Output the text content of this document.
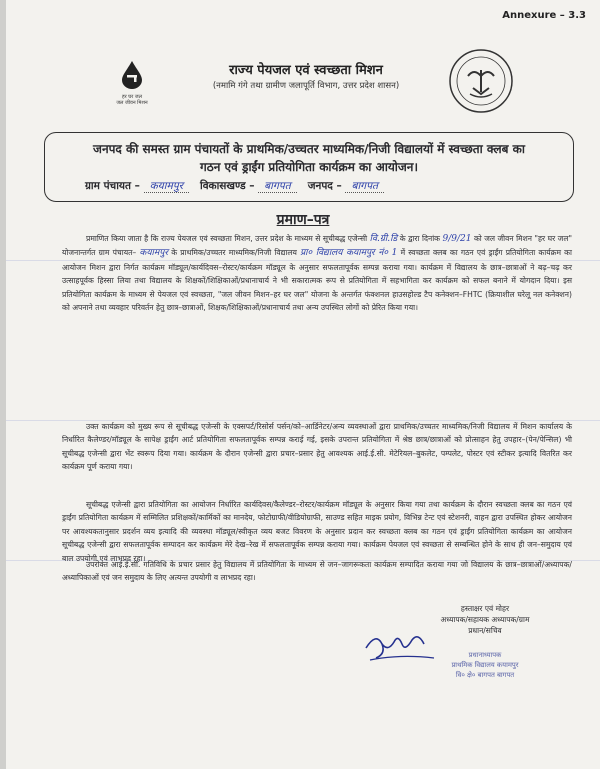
Annexure – 3.3
हर घर जल
जल जीवन मिशन
राज्य पेयजल एवं स्वच्छता मिशन
(नमामि गंगे तथा ग्रामीण जलापूर्ति विभाग, उत्तर प्रदेश शासन)
जनपद की समस्त ग्राम पंचायतों के प्राथमिक/उच्चतर माध्यमिक/निजी विद्यालयों में स्वच्छता क्लब का
गठन एवं ड्राईंग प्रतियोगिता कार्यक्रम का आयोजन।
ग्राम पंचायत – कयामपुर विकासखण्ड – बागपत जनपद – बागपत
प्रमाण–पत्र
प्रमाणित किया जाता है कि राज्य पेयजल एवं स्वच्छता मिशन, उत्तर प्रदेश के माध्यम से सूचीबद्ध एजेन्सी वि.ग्री.डि के द्वारा दिनांक 9/9/21 को जल जीवन मिशन "हर घर जल" योजनान्तर्गत ग्राम पंचायत– कयामपुर के प्राथमिक/उच्चतर माध्यमिक/निजी विद्यालय प्रा० विद्यालय कयामपुर नं० 1 में स्वच्छता क्लब का गठन एवं ड्राईंग प्रतियोगिता कार्यक्रम का आयोजन मिशन द्वारा निर्गत कार्यक्रम मॉड्यूल/कार्यदिवस–रोस्टर/कार्यक्रम मॉड्यूल के अनुसार सफलतापूर्वक सम्पन्न कराया गया। कार्यक्रम में विद्यालय के छात्र–छात्राओं ने बढ़–चढ़ कर उत्साहपूर्वक हिस्सा लिया तथा विद्यालय के शिक्षकों/शिक्षिकाओं/प्रधानाचार्य ने भी सकारात्मक रूप से प्रतियोगिता में सहभागिता कर कार्यक्रम को सफल बनाने में योगदान दिया। इस प्रतियोगिता कार्यक्रम के माध्यम से पेयजल एवं स्वच्छता, "जल जीवन मिशन–हर घर जल" योजना के अन्तर्गत फंक्शनल हाउसहोल्ड टैप कनेक्शन–FHTC (क्रियाशील घरेलू नल कनेक्शन) को अपनाने तथा व्यवहार परिवर्तन हेतु छात्र–छात्राओं, शिक्षक/शिक्षिकाओं/प्रधानाचार्य तथा अन्य उपस्थित लोगों को प्रेरित किया गया।
उक्त कार्यक्रम को मुख्य रूप से सूचीबद्ध एजेन्सी के एक्सपर्ट/रिसोर्स पर्सन/को–आर्डिनेटर/अन्य व्यवस्थाओं द्वारा प्राथमिक/उच्चतर माध्यमिक/निजी विद्यालय में मिशन कार्यालय के निर्धारित कैलेण्डर/मॉड्यूल के सापेक्ष ड्राईंग आर्ट प्रतियोगिता सफलतापूर्वक सम्पन्न कराई गई, इसके उपरान्त प्रतियोगिता में श्रेष्ठ छात्र/छात्राओं को प्रोत्साहन हेतु उपहार–(पेन/पेन्सिल) भी सूचीबद्ध एजेन्सी द्वारा भेंट स्वरूप दिया गया। कार्यक्रम के दौरान एजेन्सी द्वारा प्रचार–प्रसार हेतु आवश्यक आई.ई.सी. मेटेरियल–बुकलेट, पम्पलेट, पोस्टर एवं स्टीकर इत्यादि वितरित कर कार्यक्रम पूर्ण कराया गया।
सूचीबद्ध एजेन्सी द्वारा प्रतियोगिता का आयोजन निर्धारित कार्यदिवस/कैलेण्डर–रोस्टर/कार्यक्रम मॉड्यूल के अनुसार किया गया तथा कार्यक्रम के दौरान स्वच्छता क्लब का गठन एवं ड्राईंग प्रतियोगिता कार्यक्रम में सम्मिलित प्रशिक्षकों/कार्मिकों का मानदेय, फोटोग्राफी/वीडियोग्राफी, साउण्ड सहित माइक प्रयोग, विभिन्न टेन्ट एवं स्टेशनरी, वाहन द्वारा उपस्थित होकर आयोजन पर आवश्यकतानुसार प्रदर्शन व्यय इत्यादि की व्यवस्था मॉड्यूल/स्वीकृत व्यय बजट विवरण के अनुसार प्रदान कर स्वच्छता क्लब का गठन एवं ड्राईंग प्रतियोगिता कार्यक्रम का आयोजन सूचीबद्ध एजेन्सी द्वारा सफलतापूर्वक सम्पादन कर कार्यक्रम मेरे देख–रेख में सफलतापूर्वक सम्पन्न कराया गया। कार्यक्रम पेयजल एवं स्वच्छता से सम्बन्धित होने के साथ ही जन–समुदाय एवं बाल उपयोगी एवं लाभप्रद रहा।
उपरोक्त आई.ई.सी. गतिविधि के प्रचार प्रसार हेतु विद्यालय में प्रतियोगिता के माध्यम से जन–जागरूकता कार्यक्रम सम्पादित कराया गया जो विद्यालय के छात्र–छात्राओं/अध्यापक/अध्यापिकाओं एवं जन समुदाय के लिए अत्यन्त उपयोगी व लाभप्रद रहा।
हस्ताक्षर एवं मोहर
अध्यापक/सहायक अध्यापक/ग्राम
प्रधान/सचिव
प्रधानाध्यापक
प्राथमिक विद्यालय कयामपुर
वि० क्षे० बागपत बागपत
